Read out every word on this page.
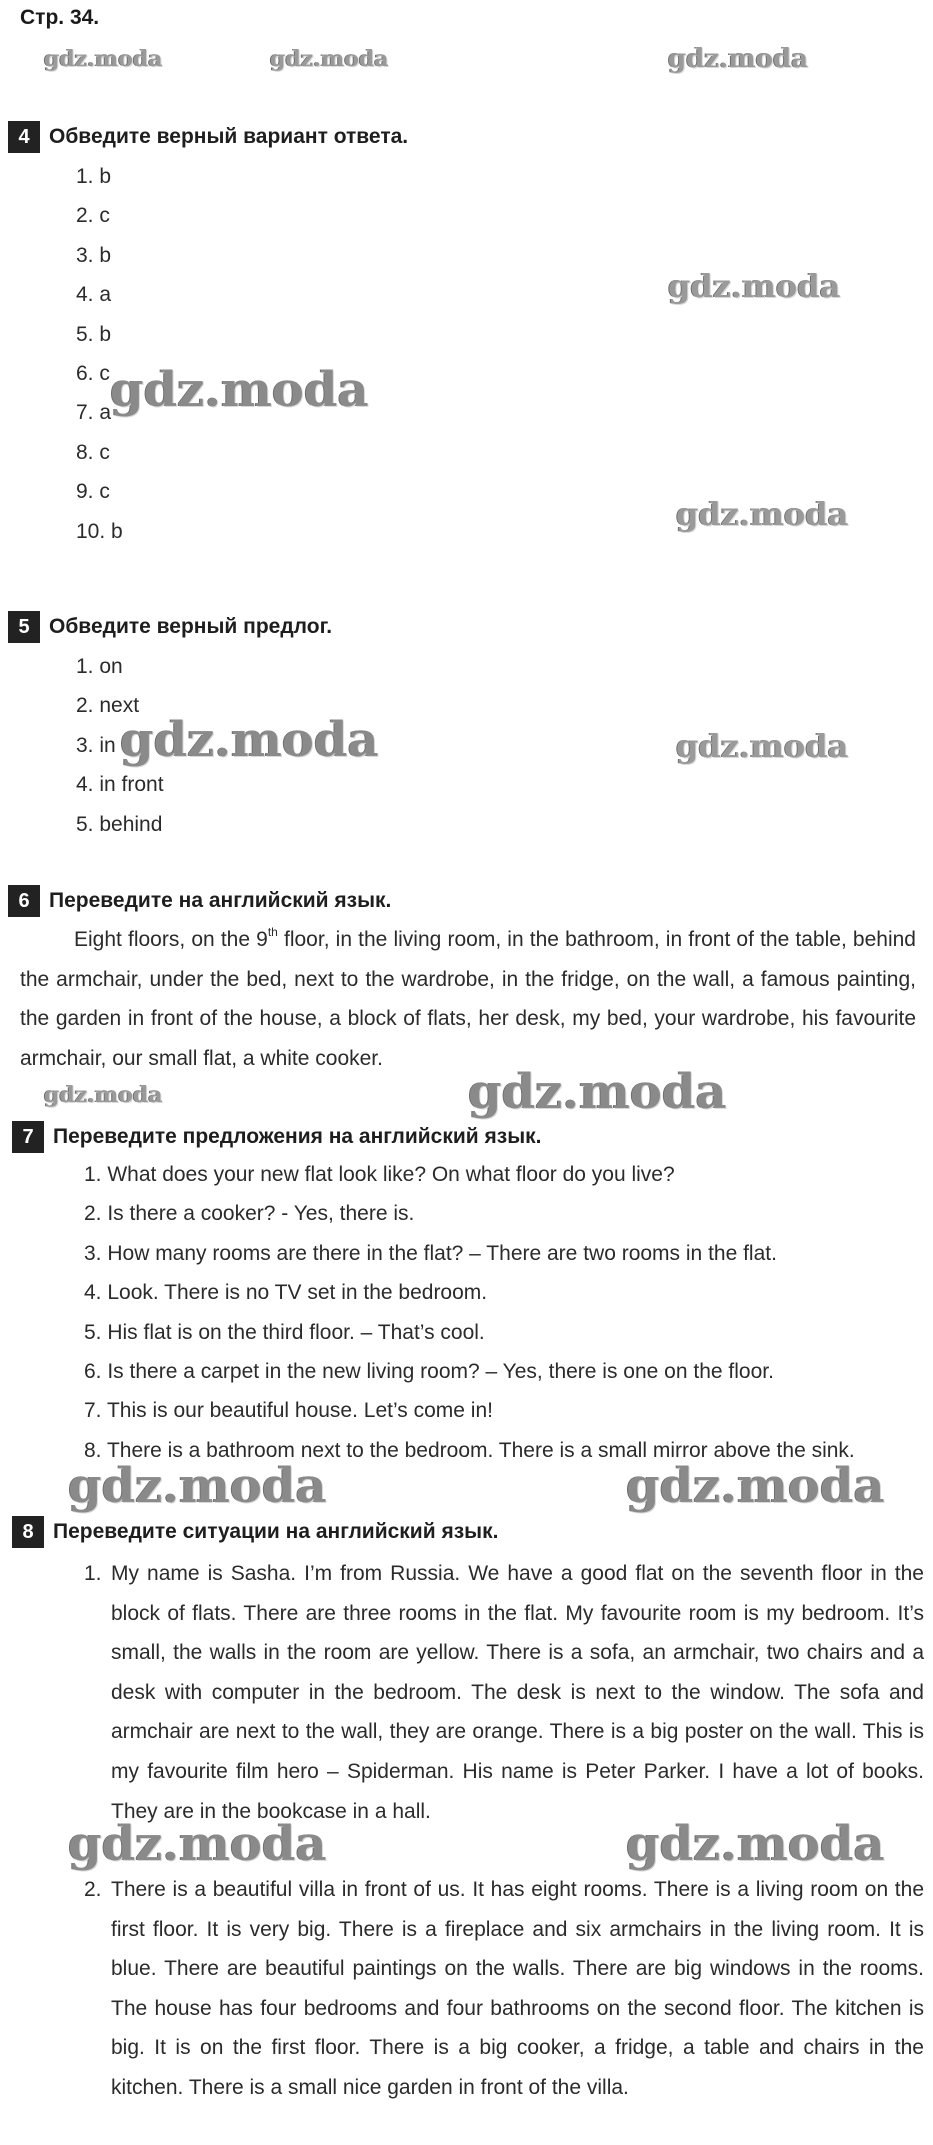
Стр. 34.
gdz.moda	gdz.moda	gdz.moda
4 Обведите верный вариант ответа.
1. b
2. c
3. b
4. a
5. b
6. c
7. a
8. c
9. c
10. b
gdz.moda
gdz.moda
gdz.moda
5 Обведите верный предлог.
1. on
2. next
3. in
4. in front
5. behind
gdz.moda	gdz.moda
6 Переведите на английский язык.
Eight floors, on the 9th floor, in the living room, in the bathroom, in front of the table, behind the armchair, under the bed, next to the wardrobe, in the fridge, on the wall, a famous painting, the garden in front of the house, a block of flats, her desk, my bed, your wardrobe, his favourite armchair, our small flat, a white cooker.
gdz.moda	gdz.moda
7 Переведите предложения на английский язык.
1. What does your new flat look like? On what floor do you live?
2. Is there a cooker? - Yes, there is.
3. How many rooms are there in the flat? – There are two rooms in the flat.
4. Look. There is no TV set in the bedroom.
5. His flat is on the third floor. – That’s cool.
6. Is there a carpet in the new living room? – Yes, there is one on the floor.
7. This is our beautiful house. Let’s come in!
8. There is a bathroom next to the bedroom. There is a small mirror above the sink.
gdz.moda	gdz.moda
8 Переведите ситуации на английский язык.
1. My name is Sasha. I’m from Russia. We have a good flat on the seventh floor in the block of flats. There are three rooms in the flat. My favourite room is my bedroom. It’s small, the walls in the room are yellow. There is a sofa, an armchair, two chairs and a desk with computer in the bedroom. The desk is next to the window. The sofa and armchair are next to the wall, they are orange. There is a big poster on the wall. This is my favourite film hero – Spiderman. His name is Peter Parker. I have a lot of books. They are in the bookcase in a hall.
gdz.moda	gdz.moda
2. There is a beautiful villa in front of us. It has eight rooms. There is a living room on the first floor. It is very big. There is a fireplace and six armchairs in the living room. It is blue. There are beautiful paintings on the walls. There are big windows in the rooms. The house has four bedrooms and four bathrooms on the second floor. The kitchen is big. It is on the first floor. There is a big cooker, a fridge, a table and chairs in the kitchen. There is a small nice garden in front of the villa.
